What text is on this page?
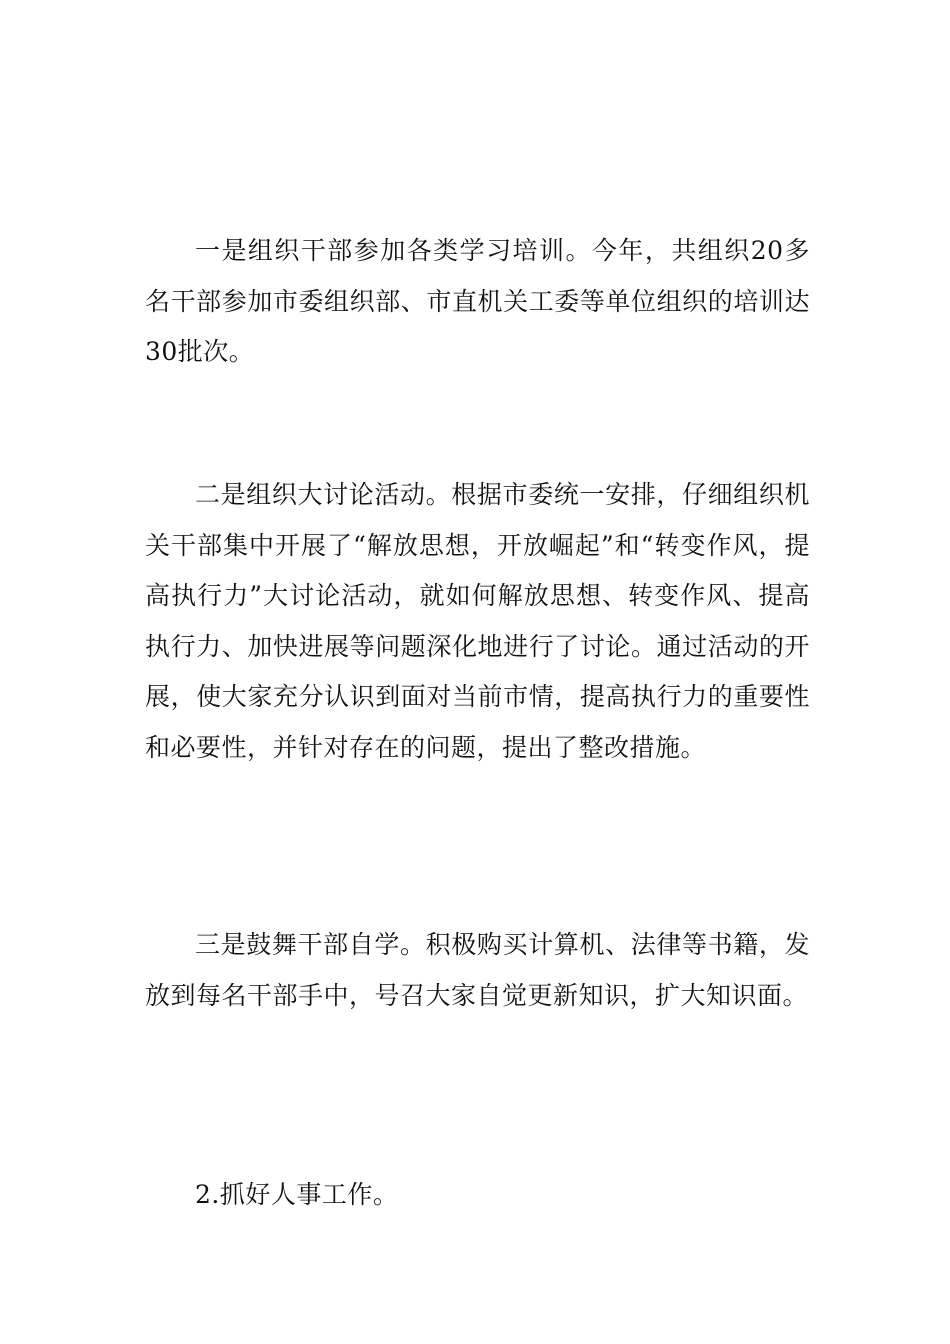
一是组织干部参加各类学习培训。今年，共组织20多名干部参加市委组织部、市直机关工委等单位组织的培训达30批次。

二是组织大讨论活动。根据市委统一安排，仔细组织机关干部集中开展了“解放思想，开放崛起”和“转变作风，提高执行力”大讨论活动，就如何解放思想、转变作风、提高执行力、加快进展等问题深化地进行了讨论。通过活动的开展，使大家充分认识到面对当前市情，提高执行力的重要性和必要性，并针对存在的问题，提出了整改措施。

三是鼓舞干部自学。积极购买计算机、法律等书籍，发放到每名干部手中，号召大家自觉更新知识，扩大知识面。

2.抓好人事工作。
